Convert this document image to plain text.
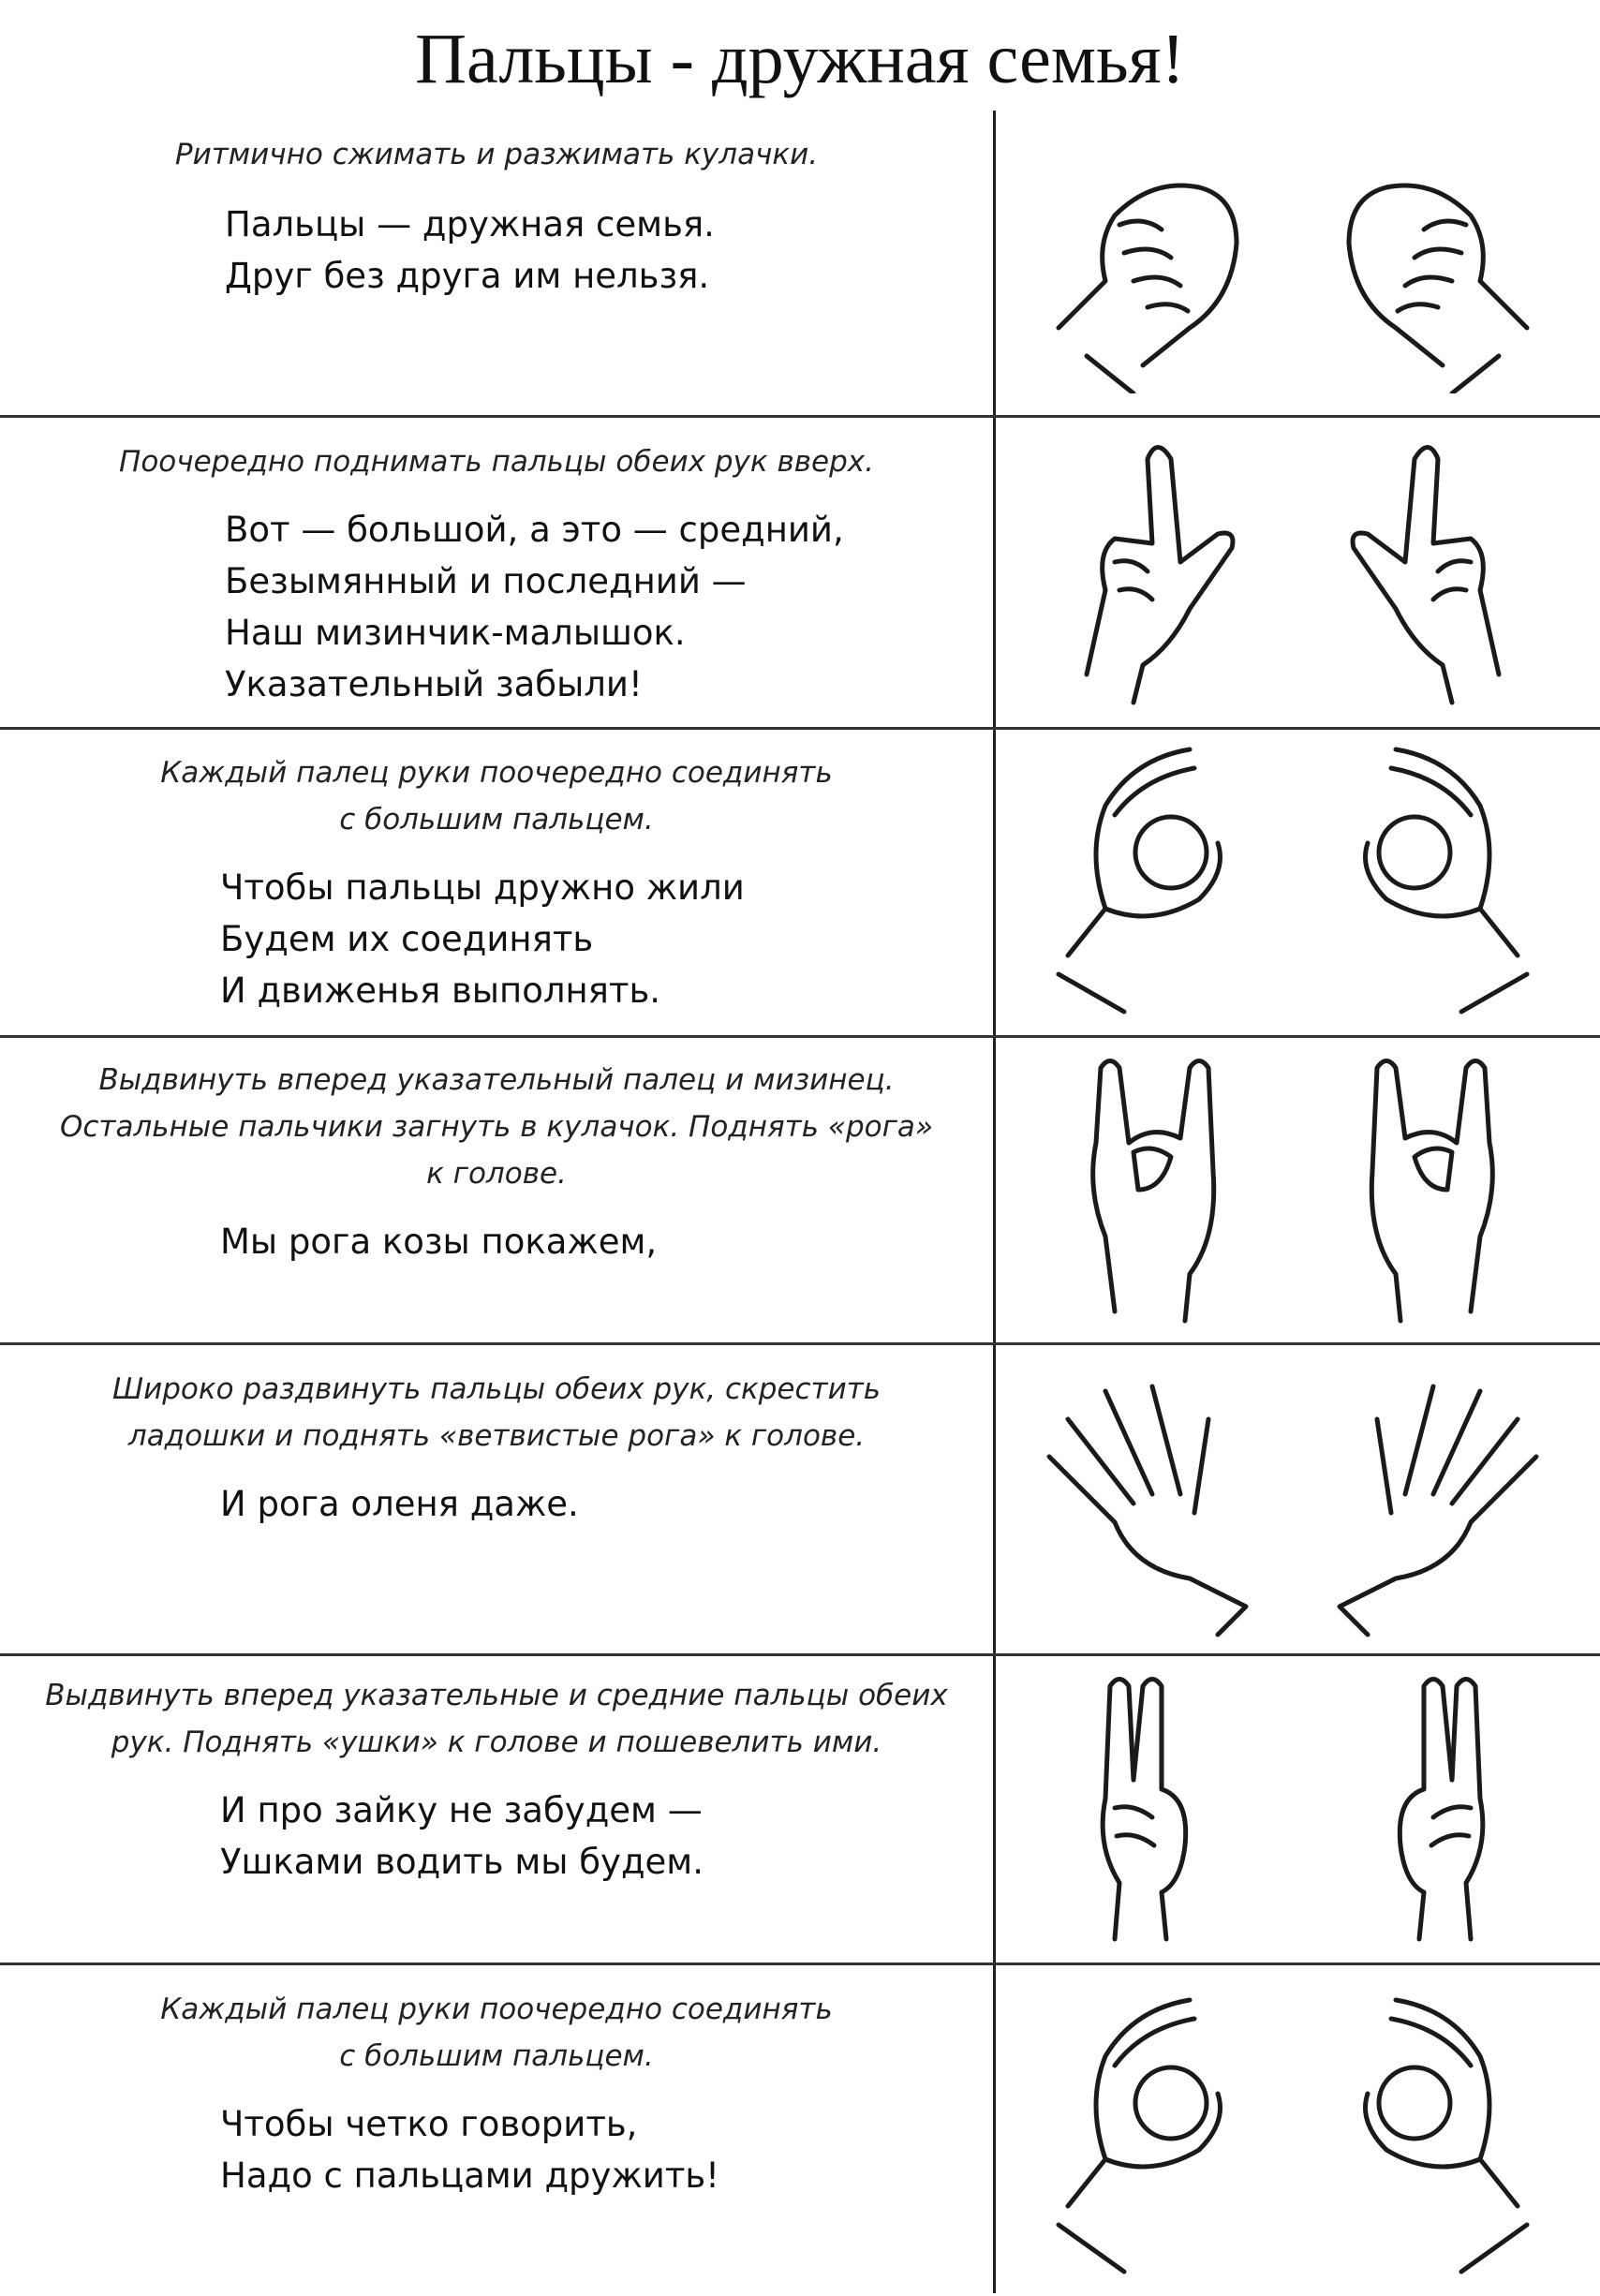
Пальцы - дружная семья!
Ритмично сжимать и разжимать кулачки.
Пальцы — дружная семья.
Друг без друга им нельзя.
Поочередно поднимать пальцы обеих рук вверх.
Вот — большой, а это — средний,
Безымянный и последний —
Наш мизинчик-малышок.
Указательный забыли!
Каждый палец руки поочередно соединять
с большим пальцем.
Чтобы пальцы дружно жили
Будем их соединять
И движенья выполнять.
Выдвинуть вперед указательный палец и мизинец.
Остальные пальчики загнуть в кулачок. Поднять «рога»
к голове.
Мы рога козы покажем,
Широко раздвинуть пальцы обеих рук, скрестить
ладошки и поднять «ветвистые рога» к голове.
И рога оленя даже.
Выдвинуть вперед указательные и средние пальцы обеих
рук. Поднять «ушки» к голове и пошевелить ими.
И про зайку не забудем —
Ушками водить мы будем.
Каждый палец руки поочередно соединять
с большим пальцем.
Чтобы четко говорить,
Надо с пальцами дружить!
